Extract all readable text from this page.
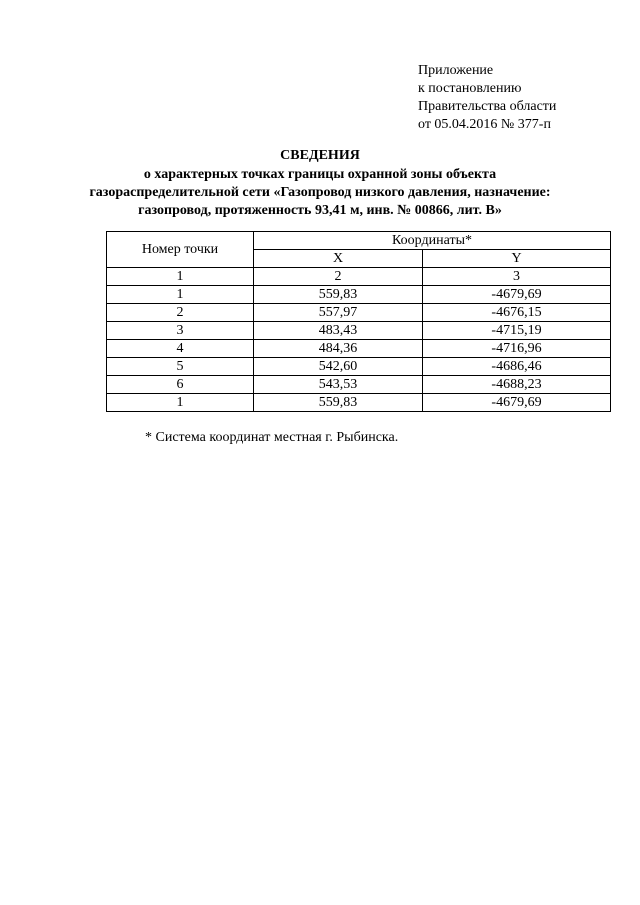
Приложение
к постановлению
Правительства области
от 05.04.2016 № 377-п
СВЕДЕНИЯ
о характерных точках границы охранной зоны объекта
газораспределительной сети «Газопровод низкого давления, назначение:
газопровод, протяженность 93,41 м, инв. № 00866, лит. В»
Номер точки	Координаты*	
	X	Y
1	2	3
1	559,83	-4679,69
2	557,97	-4676,15
3	483,43	-4715,19
4	484,36	-4716,96
5	542,60	-4686,46
6	543,53	-4688,23
1	559,83	-4679,69
* Система координат местная г. Рыбинска.
